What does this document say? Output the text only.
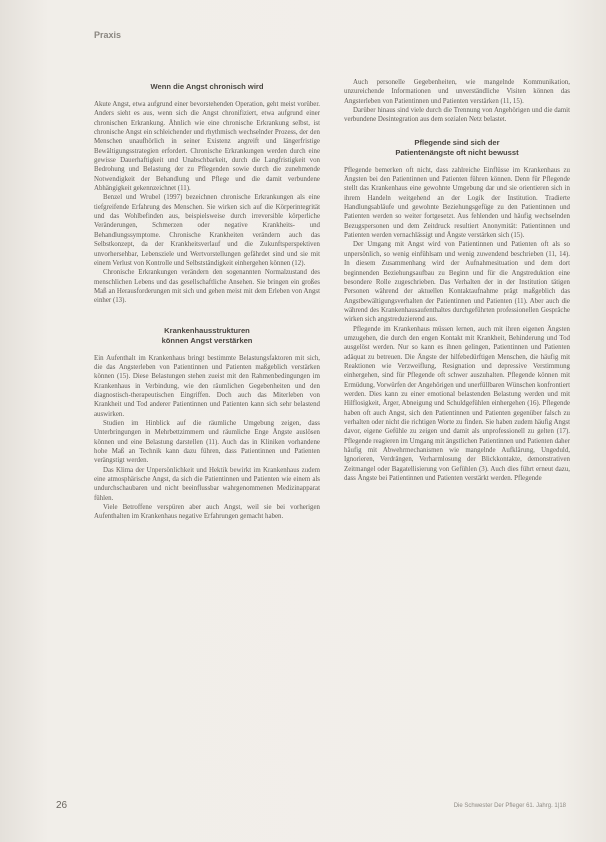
Praxis
Wenn die Angst chronisch wird

Akute Angst, etwa aufgrund einer bevorstehenden Operation, geht meist vorüber. Anders sieht es aus, wenn sich die Angst chronifiziert, etwa aufgrund einer chronischen Erkrankung. Ähnlich wie eine chronische Erkrankung selbst, ist chronische Angst ein schleichender und rhythmisch wechselnder Prozess, der den Menschen unaufhörlich in seiner Existenz angreift und längerfristige Bewältigungsstrategien erfordert. Chronische Erkrankungen werden durch eine gewisse Dauerhaftigkeit und Unabschbarkeit, durch die Langfristigkeit von Bedrohung und Belastung der zu Pflegenden sowie durch die zunehmende Notwendigkeit der Behandlung und Pflege und die damit verbundene Abhängigkeit gekennzeichnet (11).

Benzel und Wrubel (1997) bezeichnen chronische Erkrankungen als eine tiefgreifende Erfahrung des Menschen. Sie wirken sich auf die Körperintegrität und das Wohlbefinden aus, beispielsweise durch irreversible körperliche Veränderungen, Schmerzen oder negative Krankheits- und Behandlungssymptome. Chronische Krankheiten verändern auch das Selbstkonzept, da der Krankheitsverlauf und die Zukunftsperspektiven unvorhersehbar, Lebensziele und Wertvorstellungen gefährdet sind und sie mit einem Verlust von Kontrolle und Selbstständigkeit einhergehen können (12).

Chronische Erkrankungen verändern den sogenannten Normalzustand des menschlichen Lebens und das gesellschaftliche Ansehen. Sie bringen ein großes Maß an Herausforderungen mit sich und gehen meist mit dem Erleben von Angst einher (13).

Krankenhausstrukturen
können Angst verstärken

Ein Aufenthalt im Krankenhaus bringt bestimmte Belastungsfaktoren mit sich, die das Angsterleben von Patientinnen und Patienten maßgeblich verstärken können (15). Diese Belastungen stehen zueist mit den Rahmenbedingungen im Krankenhaus in Verbindung, wie den räumlichen Gegebenheiten und den diagnostisch-therapeutischen Eingriffen. Doch auch das Miterleben von Krankheit und Tod anderer Patientinnen und Patienten kann sich sehr belastend auswirken.

Studien im Hinblick auf die räumliche Umgebung zeigen, dass Unterbringungen in Mehrbettzimmern und räumliche Enge Ängste auslösen können und eine Belastung darstellen (11). Auch das in Kliniken vorhandene hohe Maß an Technik kann dazu führen, dass Patientinnen und Patienten verängstigt werden.

Das Klima der Unpersönlichkeit und Hektik bewirkt im Krankenhaus zudem eine atmosphärische Angst, da sich die Patientinnen und Patienten wie einem als undurchschaubaren und nicht beeinflussbar wahrgenommenen Medizinapparat fühlen.

Viele Betroffene verspüren aber auch Angst, weil sie bei vorherigen Aufenthalten im Krankenhaus negative Erfahrungen gemacht haben.

Auch personelle Gegebenheiten, wie mangelnde Kommunikation, unzureichende Informationen und unverständliche Visiten können das Angsterleben von Patientinnen und Patienten verstärken (11, 15).

Darüber hinaus sind viele durch die Trennung von Angehörigen und die damit verbundene Desintegration aus dem sozialen Netz belastet.

Pflegende sind sich der
Patientenängste oft nicht bewusst

Pflegende bemerken oft nicht, dass zahlreiche Einflüsse im Krankenhaus zu Ängsten bei den Patientinnen und Patienten führen können. Denn für Pflegende stellt das Krankenhaus eine gewohnte Umgebung dar und sie orientieren sich in ihrem Handeln weitgehend an der Logik der Institution. Tradierte Handlungsabläufe und gewohnte Beziehungsgefüge zu den Patientinnen und Patienten werden so weiter fortgesetzt. Aus fehlenden und häufig wechselnden Bezugspersonen und dem Zeitdruck resultiert Anonymität: Patientinnen und Patienten werden vernachlässigt und Ängste verstärken sich (15).

Der Umgang mit Angst wird von Patientinnen und Patienten oft als so unpersönlich, so wenig einfühlsam und wenig zuwendend beschrieben (11, 14). In diesem Zusammenhang wird der Aufnahmesituation und dem dort beginnenden Beziehungsaufbau zu Beginn und für die Angstreduktion eine besondere Rolle zugeschrieben. Das Verhalten der in der Institution tätigen Personen während der aktuellen Kontaktaufnahme prägt maßgeblich das Angstbewältigungsverhalten der Patientinnen und Patienten (11). Aber auch die während des Krankenhausaufenthaltes durchgeführten professionellen Gespräche wirken sich angstreduzierend aus.

Pflegende im Krankenhaus müssen lernen, auch mit ihren eigenen Ängsten umzugehen, die durch den engen Kontakt mit Krankheit, Behinderung und Tod ausgelöst werden. Nur so kann es ihnen gelingen, Patientinnen und Patienten adäquat zu betreuen. Die Ängste der hilfebedürftigen Menschen, die häufig mit Reaktionen wie Verzweiflung, Resignation und depressive Verstimmung einhergehen, sind für Pflegende oft schwer auszuhalten. Pflegende können mit Ermüdung, Vorwürfen der Angehörigen und unerfüllbaren Wünschen konfrontiert werden. Dies kann zu einer emotional belastenden Belastung werden und mit Hilflosigkeit, Ärger, Abneigung und Schuldgefühlen einhergehen (16). Pflegende haben oft auch Angst, sich den Patientinnen und Patienten gegenüber falsch zu verhalten oder nicht die richtigen Worte zu finden. Sie haben zudem häufig Angst davor, eigene Gefühle zu zeigen und damit als unprofessionell zu gelten (17). Pflegende reagieren im Umgang mit ängstlichen Patientinnen und Patienten daher häufig mit Abwehrmechanismen wie mangelnde Aufklärung, Ungeduld, Ignorieren, Verdrängen, Verharmlosung der Blickkontakte, demonstrativen Zeitmangel oder Bagatellisierung von Gefühlen (3). Auch dies führt erneut dazu, dass Ängste bei Patientinnen und Patienten verstärkt werden. Pflegende

26	Die Schwester Der Pfleger 61. Jahrg. 1|18
